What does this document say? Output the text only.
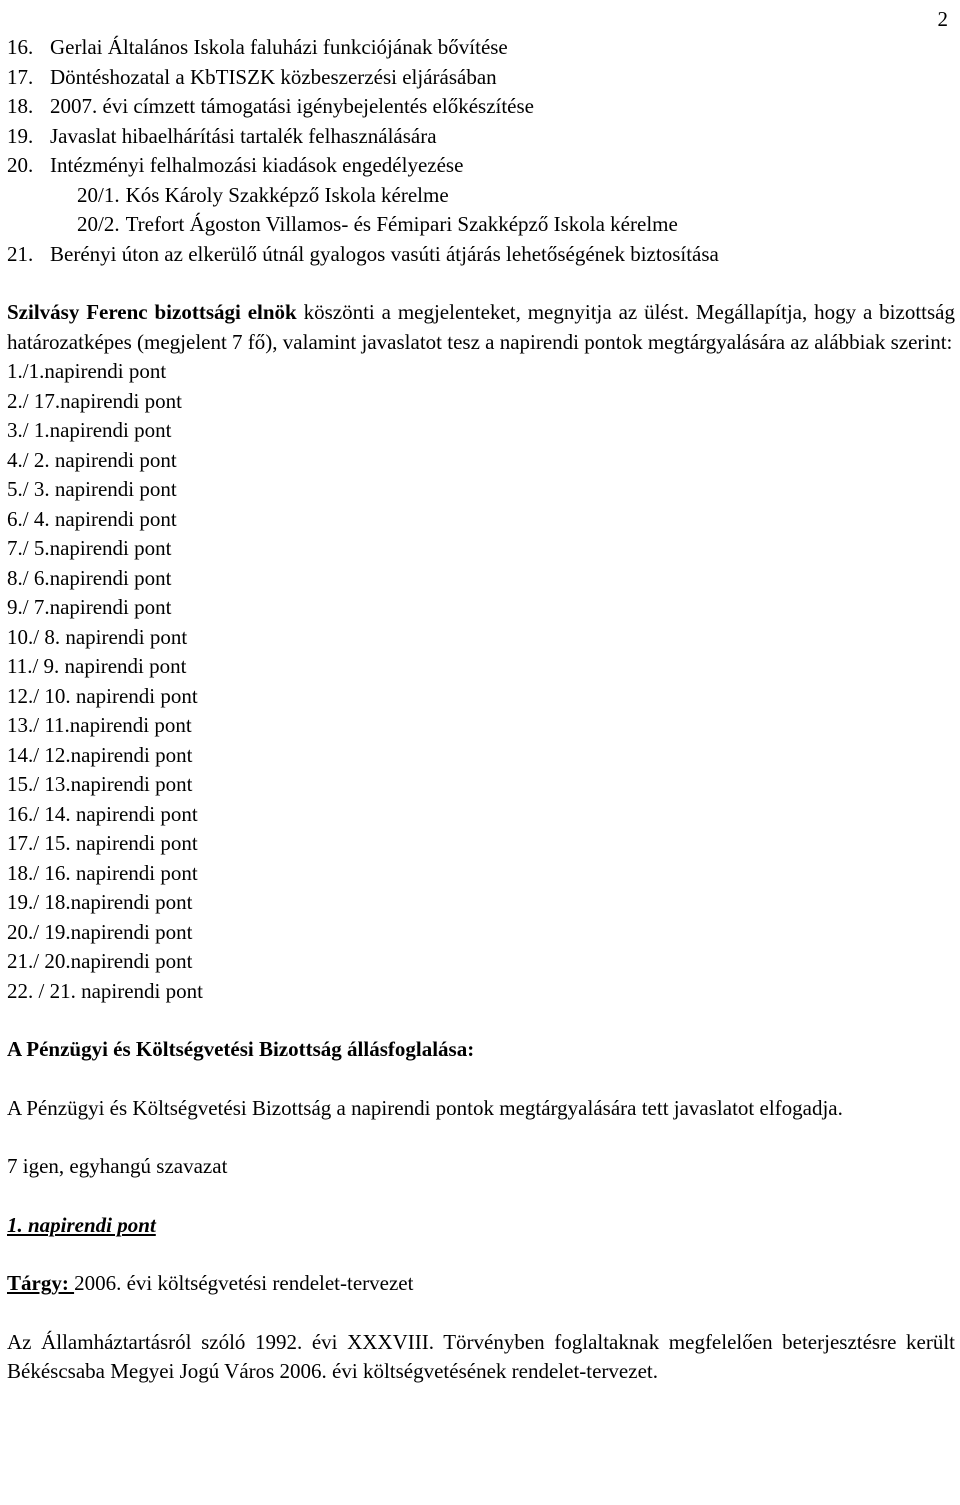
2
16. Gerlai Általános Iskola faluházi funkciójának bővítése
17. Döntéshozatal a KbTISZK közbeszerzési eljárásában
18. 2007. évi címzett támogatási igénybejelentés előkészítése
19. Javaslat hibaelhárítási tartalék felhasználására
20. Intézményi felhalmozási kiadások engedélyezése
20/1. Kós Károly Szakképző Iskola kérelme
20/2. Trefort Ágoston Villamos- és Fémipari Szakképző Iskola kérelme
21. Berényi úton az elkerülő útnál gyalogos vasúti átjárás lehetőségének biztosítása

Szilvásy Ferenc bizottsági elnök köszönti a megjelenteket, megnyitja az ülést. Megállapítja, hogy a bizottság határozatképes (megjelent 7 fő), valamint javaslatot tesz a napirendi pontok megtárgyalására az alábbiak szerint:

1./1.napirendi pont
2./ 17.napirendi pont
3./ 1.napirendi pont
4./ 2. napirendi pont
5./ 3. napirendi pont
6./ 4. napirendi pont
7./ 5.napirendi pont
8./ 6.napirendi pont
9./ 7.napirendi pont
10./ 8. napirendi pont
11./ 9. napirendi pont
12./ 10. napirendi pont
13./ 11.napirendi pont
14./ 12.napirendi pont
15./ 13.napirendi pont
16./ 14. napirendi pont
17./ 15. napirendi pont
18./ 16. napirendi pont
19./ 18.napirendi pont
20./ 19.napirendi pont
21./ 20.napirendi pont
22. / 21. napirendi pont

A Pénzügyi és Költségvetési Bizottság állásfoglalása:

A Pénzügyi és Költségvetési Bizottság a napirendi pontok megtárgyalására tett javaslatot elfogadja.

7 igen, egyhangú szavazat

1. napirendi pont

Tárgy: 2006. évi költségvetési rendelet-tervezet

Az Államháztartásról szóló 1992. évi XXXVIII. Törvényben foglaltaknak megfelelően beterjesztésre került Békéscsaba Megyei Jogú Város 2006. évi költségvetésének rendelet-tervezet.
